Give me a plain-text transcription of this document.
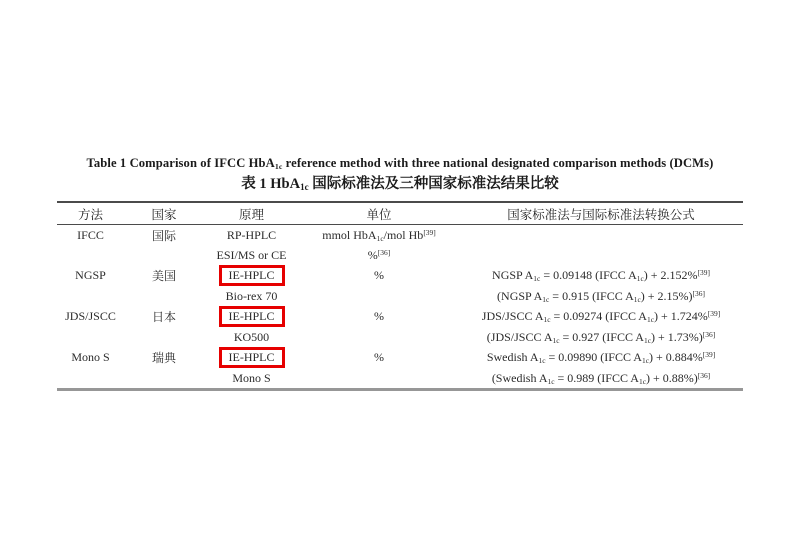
Table 1 Comparison of IFCC HbA$_{1c}$ reference method with three national designated comparison methods (DCMs)
表 1 HbA$_{1c}$ 国际标准法及三种国家标准法结果比较
方法	国家	原理	单位	国家标准法与国际标准法转换公式
IFCC	国际	RP-HPLC	mmol HbA$_{1c}$/mol Hb[39]	
		ESI/MS or CE	%[36]	
NGSP	美国	IE-HPLC	%	NGSP $A_{1c} = 0.09148$ (IFCC $A_{1c}) + 2.152\%[39]$
		Bio-rex 70		(NGSP $A_{1c} = 0.915$ (IFCC $A_{1c}) + 2.15\%)[36]$
JDS/JSCC	日本	IE-HPLC	%	JDS/JSCC $A_{1c} = 0.09274$ (IFCC $A_{1c}) + 1.724\%[39]$
		KO500		(JDS/JSCC $A_{1c} = 0.927$ (IFCC $A_{1c}) + 1.73\%)[36]$
Mono S	瑞典	IE-HPLC	%	Swedish $A_{1c} = 0.09890$ (IFCC $A_{1c}) + 0.884\%[39]$
		Mono S		(Swedish $A_{1c} = 0.989$ (IFCC $A_{1c}) + 0.88\%)[36]$
